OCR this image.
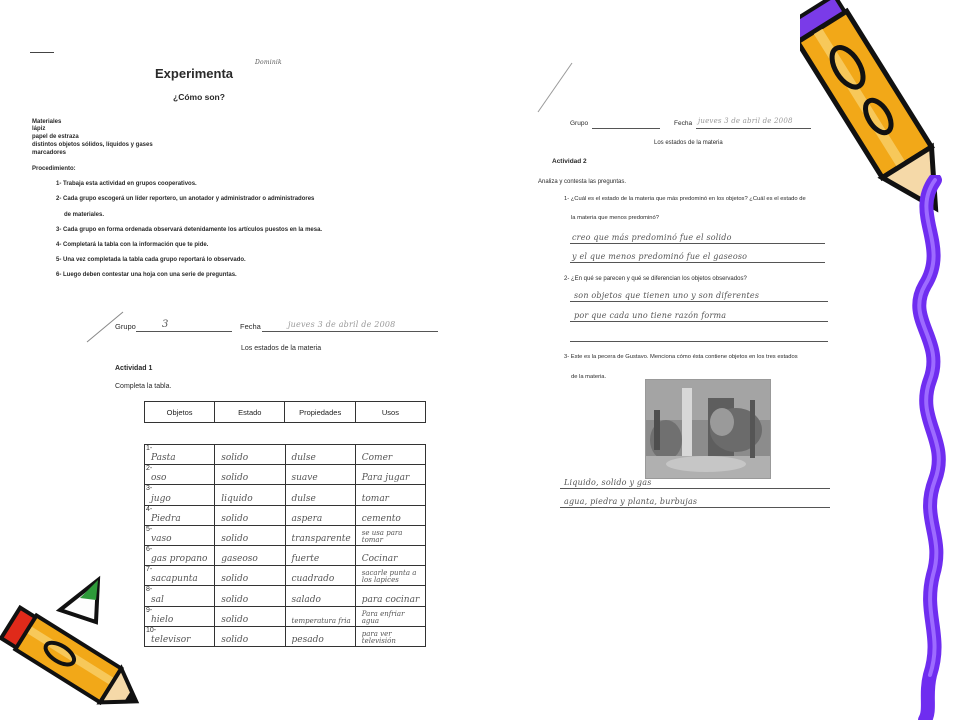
Experimenta
Dominik
¿Cómo son?
Materiales
lápiz
papel de estraza
distintos objetos sólidos, líquidos y gases
marcadores
Procedimiento:
1- Trabaja esta actividad en grupos cooperativos.
2- Cada grupo escogerá un líder reportero, un anotador y administrador o administradores
de materiales.
3- Cada grupo en forma ordenada observará detenidamente los artículos puestos en la mesa.
4- Completará la tabla con la información que te pide.
5- Una vez completada la tabla cada grupo reportará lo observado.
6- Luego deben contestar una hoja con una serie de preguntas.
Grupo	3	Fecha	jueves 3 de abril de 2008
Los estados de la materia
Actividad 1
Completa la tabla.
Objetos	Estado	Propiedades	Usos
1-
Pasta	solido	dulse	Comer

2-
oso	solido	suave	Para jugar

3-
jugo	liquido	dulse	tomar

4-
Piedra	solido	aspera	cemento

5-
vaso	solido	transparente	se usa para tomar

6-
gas propano	gaseoso	fuerte	Cocinar

7-
sacapunta	solido	cuadrado	sacarle punta a los lapices

8-
sal	solido	salado	para cocinar

9-
hielo	solido	temperatura fria	Para enfriar agua

10-
televisor	solido	pesado	para ver televisión
Grupo	Fecha jueves 3 de abril de 2008
Los estados de la materia
Actividad 2
Analiza y contesta las preguntas.
1- ¿Cuál es el estado de la materia que más predominó en los objetos? ¿Cuál es el estado de
la materia que menos predominó?
creo que más predominó fue el solido
y el que menos predominó fue el gaseoso
2- ¿En qué se parecen y qué se diferencian los objetos observados?
son objetos que tienen uno y son diferentes
por que cada uno tiene razón forma
3- Este es la pecera de Gustavo. Menciona cómo ésta contiene objetos en los tres estados
de la materia.
Liquido, solido y gas
agua, piedra y planta, burbujas
